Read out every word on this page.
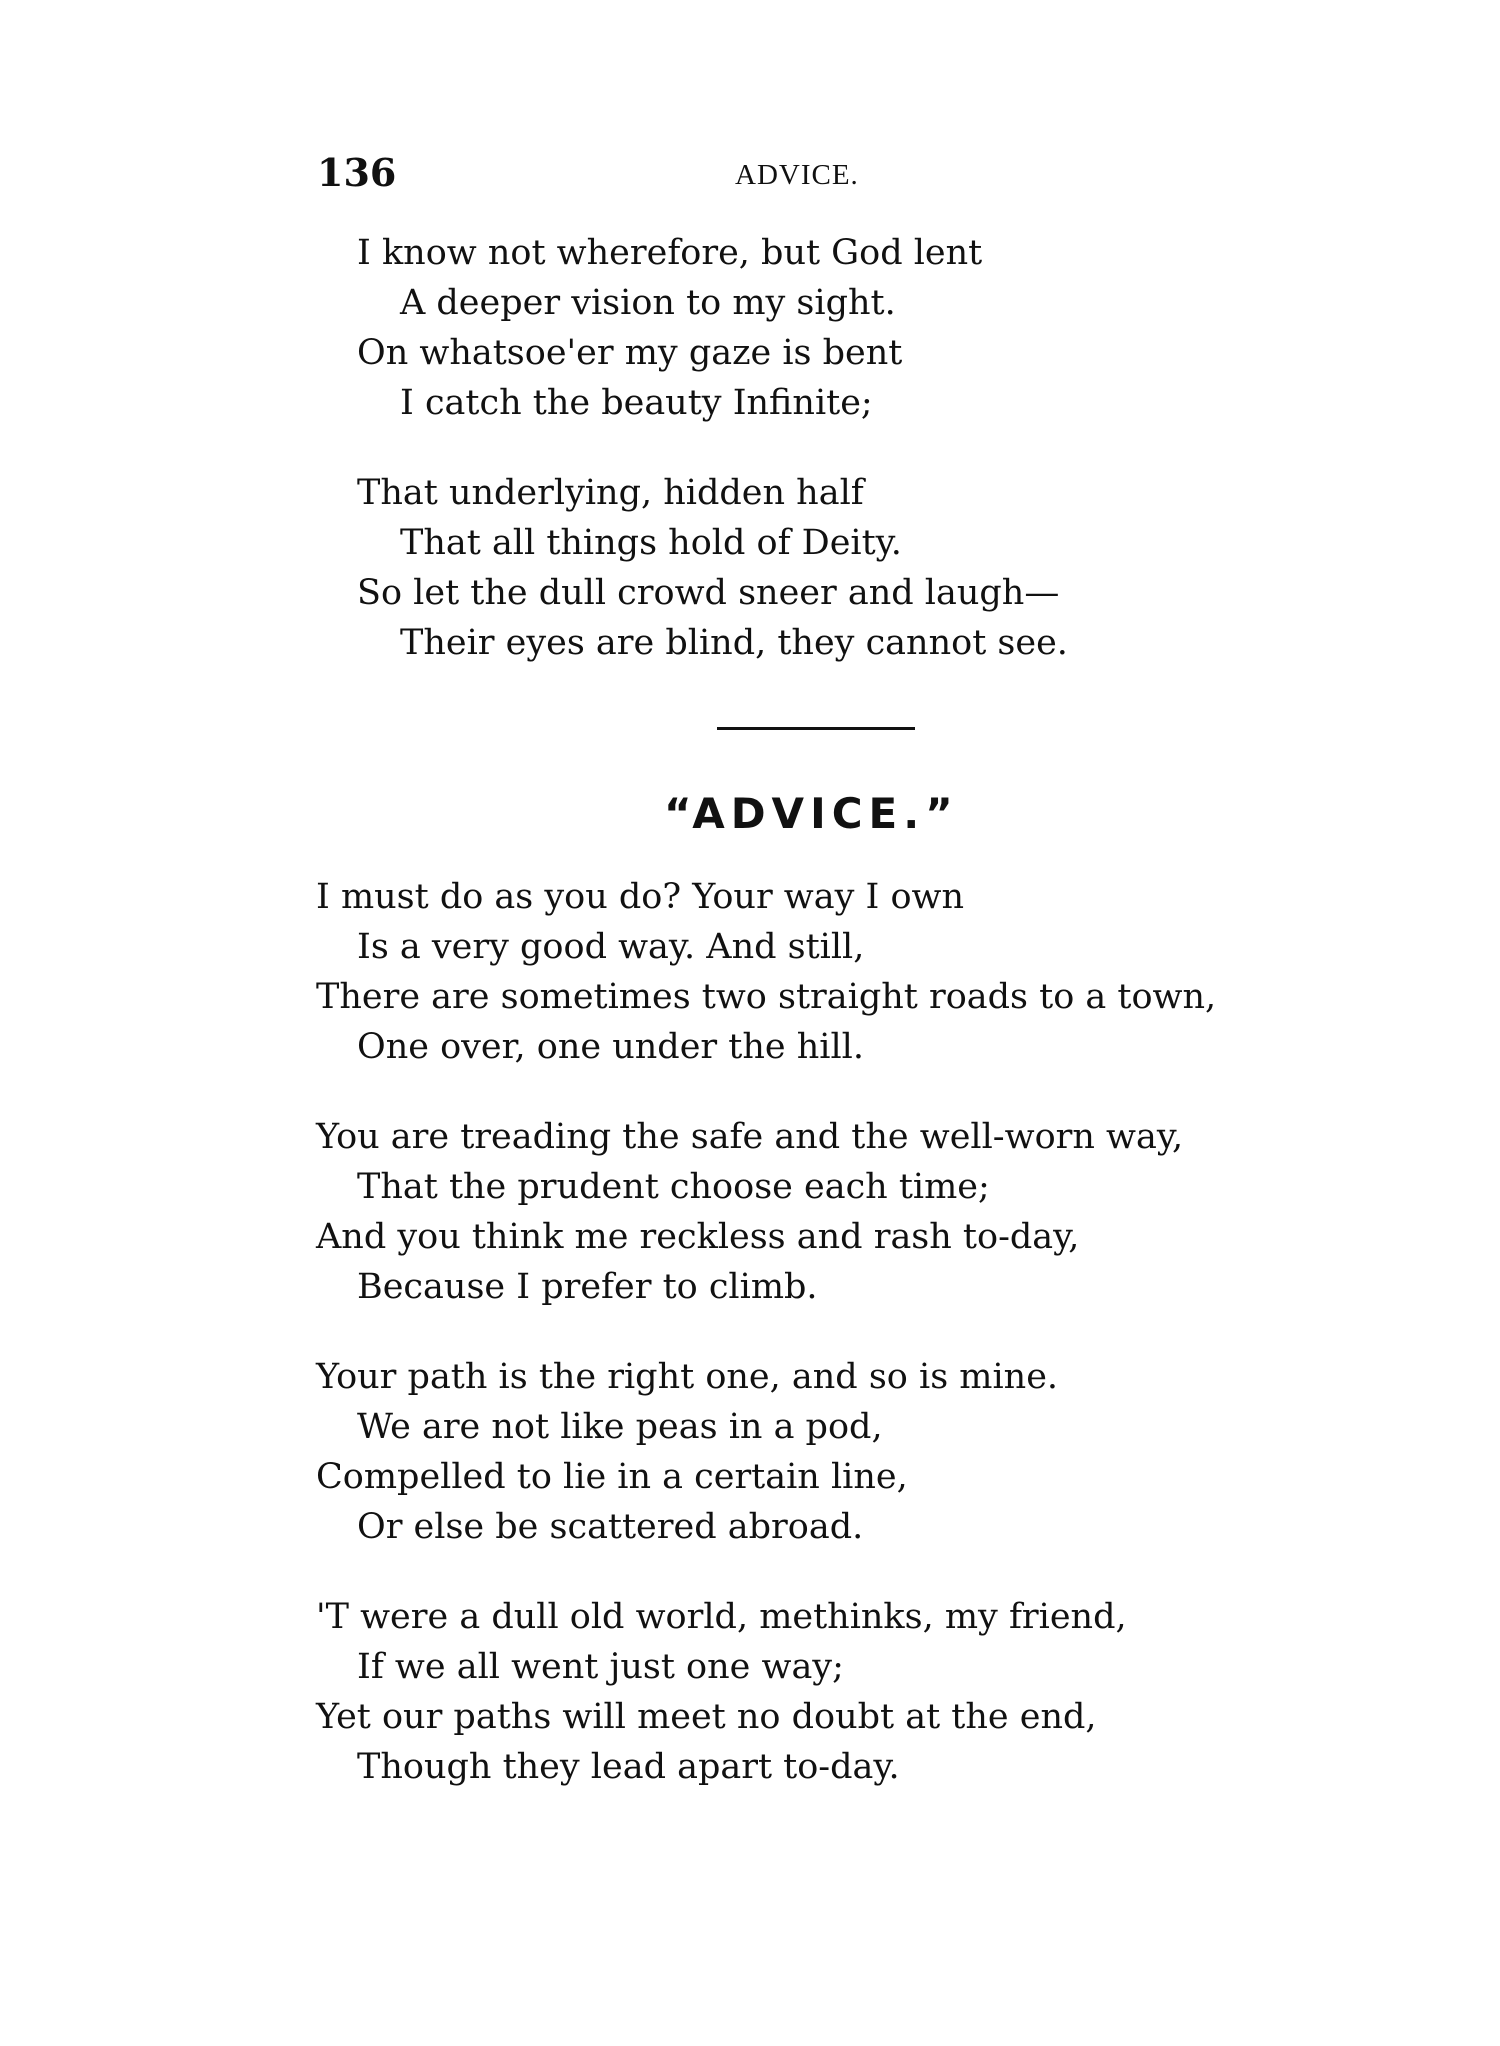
136	ADVICE.
I know not wherefore, but God lent
A deeper vision to my sight.
On whatsoe'er my gaze is bent
I catch the beauty Infinite;
That underlying, hidden half
That all things hold of Deity.
So let the dull crowd sneer and laugh—
Their eyes are blind, they cannot see.
“ADVICE.”
I must do as you do? Your way I own
Is a very good way. And still,
There are sometimes two straight roads to a town,
One over, one under the hill.
You are treading the safe and the well-worn way,
That the prudent choose each time;
And you think me reckless and rash to-day,
Because I prefer to climb.
Your path is the right one, and so is mine.
We are not like peas in a pod,
Compelled to lie in a certain line,
Or else be scattered abroad.
'T were a dull old world, methinks, my friend,
If we all went just one way;
Yet our paths will meet no doubt at the end,
Though they lead apart to-day.
